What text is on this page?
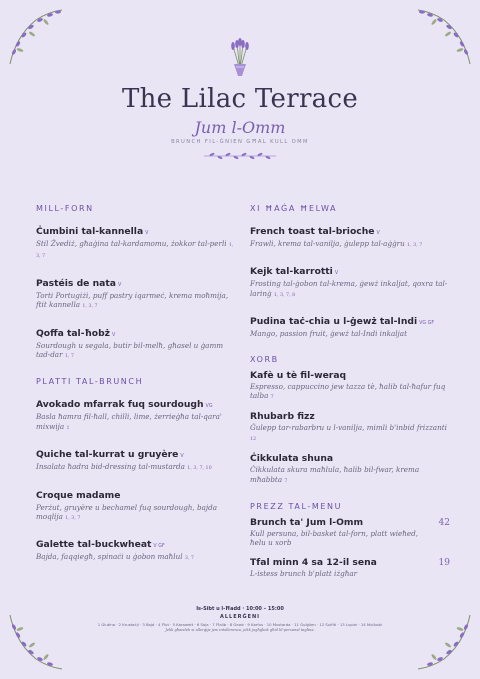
The Lilac Terrace
Jum l-Omm
BRUNCH FIL-ĠNIEN GĦAL KULL OMM
MILL-FORN
Ċumbini tal-kannella V
Stil Żvediż, għaġina tal-kardamomu, żokkor tal-perli 1, 3, 7
Pastéis de nata V
Torti Portugiżi, puff pastry iqarmeċ, krema moħmija, ftit kannella 1, 3, 7
Qoffa tal-ħobż V
Sourdough u segala, butir bil-melħ, għasel u ġamm tad-dar 1, 7
PLATTI TAL-BRUNCH
Avokado mfarrak fuq sourdough VG
Basla ħamra fil-ħall, chilli, lime, żerrieġħa tal-qara' mixwija 1
Quiche tal-kurrat u gruyère V
Insalata ħadra bid-dressing tal-mustarda 1, 3, 7, 10
Croque madame
Perżut, gruyère u bechamel fuq sourdough, bajda moqlija 1, 3, 7
Galette tal-buckwheat V GF
Bajda, faqqiegħ, spinaċi u ġobon maħlul 3, 7
XI ĦAĠA ĦELWA
French toast tal-brioche V
Frawli, krema tal-vanilja, ġulepp tal-aġġru 1, 3, 7
Kejk tal-karrotti V
Frosting tal-ġobon tal-krema, ġewż inkaljat, qoxra tal-larinġ 1, 3, 7, 8
Pudina taċ-chia u l-ġewż tal-Indi VG GF
Mango, passion fruit, ġewż tal-Indi inkaljat
XORB
Kafè u tè fil-weraq
Espresso, cappuccino jew tazza tè, ħalib tal-ħafur fuq talba 7
Rhubarb fizz
Ġulepp tar-rabarbru u l-vanilja, mimli b'inbid frizzanti 12
Ċikkulata shuna
Ċikkulata skura maħlula, ħalib bil-fwar, krema mħabbta 7
PREZZ TAL-MENU
Brunch ta' Jum l-Omm	42
Kull persuna, bil-basket tal-forn, platt wieħed, ħelu u xorb
Tfal minn 4 sa 12-il sena	19
L-istess brunch b'platt iżgħar
Is-Sibt u l-Ħadd · 10:00 – 15:00
ALLERĠENI
1 Glutina · 2 Krustaċji · 3 Bajd · 4 Ħut · 5 Karawett · 6 Soja · 7 Ħalib · 8 Ġewż · 9 Karfus · 10 Mustarda · 11 Ġulġlien · 12 Sulfiti · 13 Lupini · 14 Molluski
Jekk għandek xi allerġija jew intolleranza, jekk jogħġbok għid lil-persunal tagħna.
